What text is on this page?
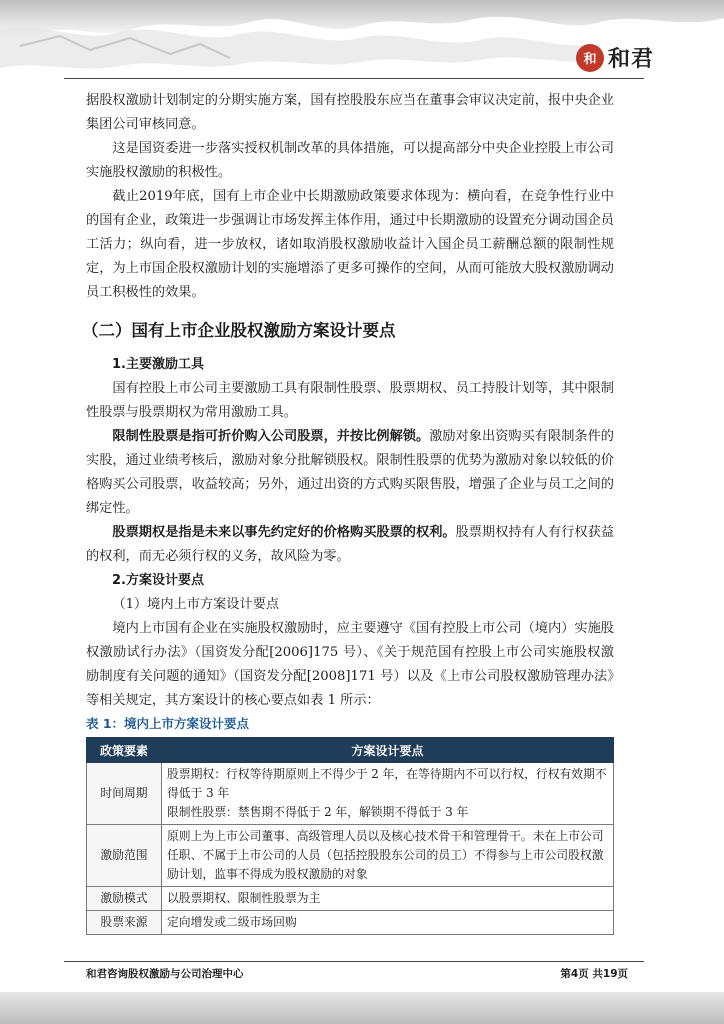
和 和君

据股权激励计划制定的分期实施方案，国有控股股东应当在董事会审议决定前，报中央企业集团公司审核同意。

这是国资委进一步落实授权机制改革的具体措施，可以提高部分中央企业控股上市公司实施股权激励的积极性。

截止2019年底，国有上市企业中长期激励政策要求体现为：横向看，在竞争性行业中的国有企业，政策进一步强调让市场发挥主体作用，通过中长期激励的设置充分调动国企员工活力；纵向看，进一步放权，诸如取消股权激励收益计入国企员工薪酬总额的限制性规定，为上市国企股权激励计划的实施增添了更多可操作的空间，从而可能放大股权激励调动员工积极性的效果。

（二）国有上市企业股权激励方案设计要点

1.主要激励工具

国有控股上市公司主要激励工具有限制性股票、股票期权、员工持股计划等，其中限制性股票与股票期权为常用激励工具。

限制性股票是指可折价购入公司股票，并按比例解锁。激励对象出资购买有限制条件的实股，通过业绩考核后，激励对象分批解锁股权。限制性股票的优势为激励对象以较低的价格购买公司股票，收益较高；另外，通过出资的方式购买限售股，增强了企业与员工之间的绑定性。

股票期权是指是未来以事先约定好的价格购买股票的权利。股票期权持有人有行权获益的权利，而无必须行权的义务，故风险为零。

2.方案设计要点

（1）境内上市方案设计要点

境内上市国有企业在实施股权激励时，应主要遵守《国有控股上市公司（境内）实施股权激励试行办法》（国资发分配[2006]175 号）、《关于规范国有控股上市公司实施股权激励制度有关问题的通知》（国资发分配[2008]171 号）以及《上市公司股权激励管理办法》等相关规定，其方案设计的核心要点如表 1 所示：

表 1：境内上市方案设计要点
政策要素	方案设计要点
时间周期	股票期权：行权等待期原则上不得少于 2 年，在等待期内不可以行权，行权有效期不得低于 3 年
限制性股票：禁售期不得低于 2 年，解锁期不得低于 3 年

激励范围	原则上为上市公司董事、高级管理人员以及核心技术骨干和管理骨干。未在上市公司任职、不属于上市公司的人员（包括控股股东公司的员工）不得参与上市公司股权激励计划，监事不得成为股权激励的对象

激励模式	以股票期权、限制性股票为主

股票来源	定向增发或二级市场回购
和君咨询股权激励与公司治理中心	第4页 共19页
